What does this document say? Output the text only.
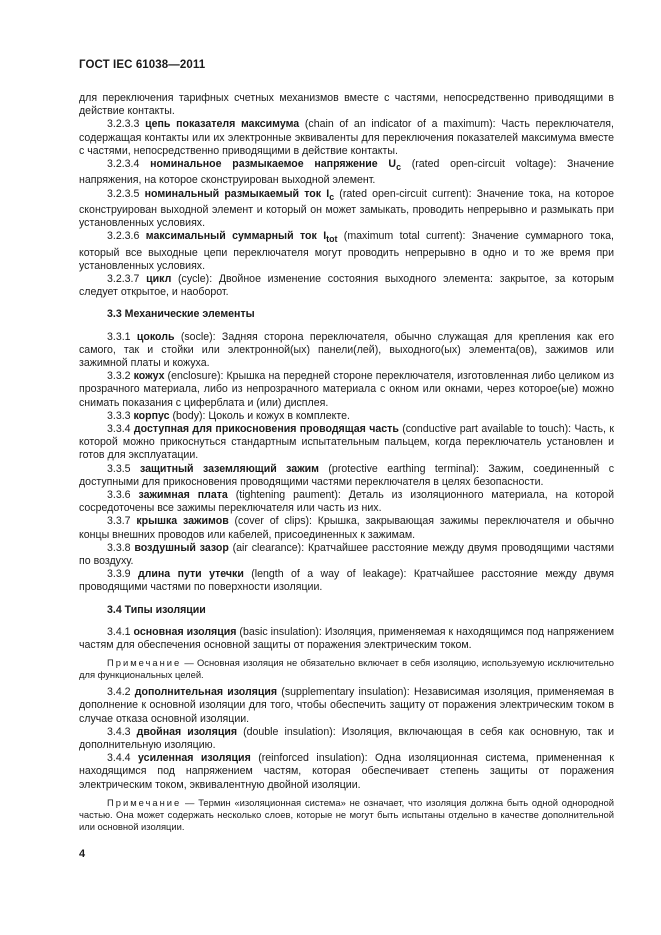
ГОСТ IEC 61038—2011

для переключения тарифных счетных механизмов вместе с частями, непосредственно приводящими в действие контакты.

3.2.3.3 цепь показателя максимума (chain of an indicator of a maximum): Часть переключателя, содержащая контакты или их электронные эквиваленты для переключения показателей максимума вместе с частями, непосредственно приводящими в действие контакты.

3.2.3.4 номинальное размыкаемое напряжение $U_c$ (rated open-circuit voltage): Значение напряжения, на которое сконструирован выходной элемент.

3.2.3.5 номинальный размыкаемый ток $I_c$ (rated open-circuit current): Значение тока, на которое сконструирован выходной элемент и который он может замыкать, проводить непрерывно и размыкать при установленных условиях.

3.2.3.6 максимальный суммарный ток $I_{tot}$ (maximum total current): Значение суммарного тока, который все выходные цепи переключателя могут проводить непрерывно в одно и то же время при установленных условиях.

3.2.3.7 цикл (cycle): Двойное изменение состояния выходного элемента: закрытое, за которым следует открытое, и наоборот.

3.3 Механические элементы

3.3.1 цоколь (socle): Задняя сторона переключателя, обычно служащая для крепления как его самого, так и стойки или электронной(ых) панели(лей), выходного(ых) элемента(ов), зажимов или зажимной платы и кожуха.

3.3.2 кожух (enclosure): Крышка на передней стороне переключателя, изготовленная либо целиком из прозрачного материала, либо из непрозрачного материала с окном или окнами, через которое(ые) можно снимать показания с циферблата и (или) дисплея.

3.3.3 корпус (body): Цоколь и кожух в комплекте.

3.3.4 доступная для прикосновения проводящая часть (conductive part available to touch): Часть, к которой можно прикоснуться стандартным испытательным пальцем, когда переключатель установлен и готов для эксплуатации.

3.3.5 защитный заземляющий зажим (protective earthing terminal): Зажим, соединенный с доступными для прикосновения проводящими частями переключателя в целях безопасности.

3.3.6 зажимная плата (tightening paument): Деталь из изоляционного материала, на которой сосредоточены все зажимы переключателя или часть из них.

3.3.7 крышка зажимов (cover of clips): Крышка, закрывающая зажимы переключателя и обычно концы внешних проводов или кабелей, присоединенных к зажимам.

3.3.8 воздушный зазор (air clearance): Кратчайшее расстояние между двумя проводящими частями по воздуху.

3.3.9 длина пути утечки (length of a way of leakage): Кратчайшее расстояние между двумя проводящими частями по поверхности изоляции.

3.4 Типы изоляции

3.4.1 основная изоляция (basic insulation): Изоляция, применяемая к находящимся под напряжением частям для обеспечения основной защиты от поражения электрическим током.

Примечание — Основная изоляция не обязательно включает в себя изоляцию, используемую исключительно для функциональных целей.

3.4.2 дополнительная изоляция (supplementary insulation): Независимая изоляция, применяемая в дополнение к основной изоляции для того, чтобы обеспечить защиту от поражения электрическим током в случае отказа основной изоляции.

3.4.3 двойная изоляция (double insulation): Изоляция, включающая в себя как основную, так и дополнительную изоляцию.

3.4.4 усиленная изоляция (reinforced insulation): Одна изоляционная система, примененная к находящимся под напряжением частям, которая обеспечивает степень защиты от поражения электрическим током, эквивалентную двойной изоляции.

Примечание — Термин «изоляционная система» не означает, что изоляция должна быть одной однородной частью. Она может содержать несколько слоев, которые не могут быть испытаны отдельно в качестве дополнительной или основной изоляции.

4
